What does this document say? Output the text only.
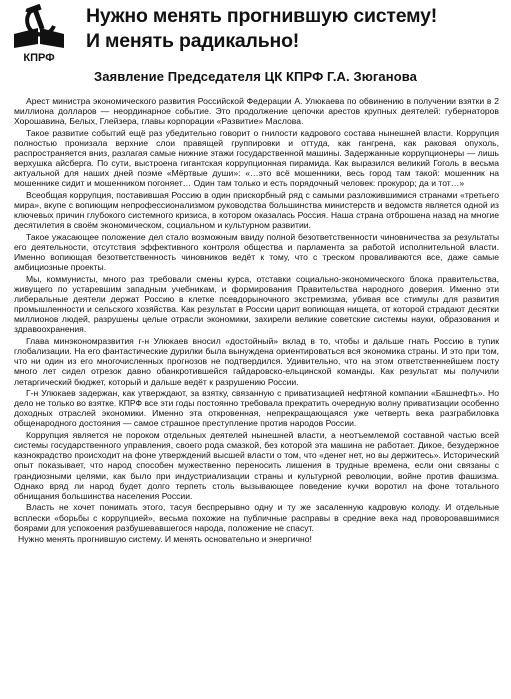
КПРФ
Нужно менять прогнившую систему!
И менять радикально!
Заявление Председателя ЦК КПРФ Г.А. Зюганова

Арест министра экономического развития Российской Федерации А. Улюкаева по обвинению в получении взятки в 2 миллиона долларов — неординарное событие. Это продолжение цепочки арестов крупных деятелей: губернаторов Хорошавина, Белых, Глейзера, главы корпорации «Развитие» Маслова.

Такое развитие событий ещё раз убедительно говорит о гнилости кадрового состава нынешней власти. Коррупция полностью пронизала верхние слои правящей группировки и оттуда, как гангрена, как раковая опухоль, распространяется вниз, разлагая самые нижние этажи государственной машины. Задержанные коррупционеры — лишь верхушка айсберга. По сути, выстроена гигантская коррупционная пирамида. Как выразился великий Гоголь в весьма актуальной для наших дней поэме «Мёртвые души»: «…это всё мошенники, весь город там такой: мошенник на мошеннике сидит и мошенником погоняет… Один там только и есть порядочный человек: прокурор; да и тот…»

Всеобщая коррупция, поставившая Россию в один прискорбный ряд с самыми разложившимися странами «третьего мира», вкупе с вопиющим непрофессионализмом руководства большинства министерств и ведомств является одной из ключевых причин глубокого системного кризиса, в котором оказалась Россия. Наша страна отброшена назад на многие десятилетия в своём экономическом, социальном и культурном развитии.

Такое ужасающее положение дел стало возможным ввиду полной безответственности чиновничества за результаты его деятельности, отсутствия эффективного контроля общества и парламента за работой исполнительной власти. Именно вопиющая безответственность чиновников ведёт к тому, что с треском проваливаются все, даже самые амбициозные проекты.

Мы, коммунисты, много раз требовали смены курса, отставки социально-экономического блока правительства, живущего по устаревшим западным учебникам, и формирования Правительства народного доверия. Именно эти либеральные деятели держат Россию в клетке псевдорыночного экстремизма, убивая все стимулы для развития промышленности и сельского хозяйства. Как результат в России царит вопиющая нищета, от которой страдают десятки миллионов людей, разрушены целые отрасли экономики, захирели великие советские системы науки, образования и здравоохранения.

Глава минэкономразвития г-н Улюкаев вносил «достойный» вклад в то, чтобы и дальше гнать Россию в тупик глобализации. На его фантастические дурилки была вынуждена ориентироваться вся экономика страны. И это при том, что ни один из его многочисленных прогнозов не подтвердился. Удивительно, что на этом ответственнейшем посту много лет сидел отрезок давно обанкротившейся гайдаровско-ельцинской команды. Как результат мы получили летаргический бюджет, который и дальше ведёт к разрушению России.

Г-н Улюкаев задержан, как утверждают, за взятку, связанную с приватизацией нефтяной компании «Башнефть». Но дело не только во взятке. КПРФ все эти годы постоянно требовала прекратить очередную волну приватизации особенно доходных отраслей экономики. Именно эта откровенная, непрекращающаяся уже четверть века разграбиловка общенародного достояния — самое страшное преступление против народов России.

Коррупция является не пороком отдельных деятелей нынешней власти, а неотъемлемой составной частью всей системы государственного управления, своего рода смазкой, без которой эта машина не работает. Дикое, безудержное казнокрадство происходит на фоне утверждений высшей власти о том, что «денег нет, но вы держитесь». Исторический опыт показывает, что народ способен мужественно переносить лишения в трудные времена, если они связаны с грандиозными целями, как было при индустриализации страны и культурной революции, войне против фашизма. Однако вряд ли народ будет долго терпеть столь вызывающее поведение кучки воротил на фоне тотального обнищания большинства населения России.

Власть не хочет понимать этого, тасуя беспрерывно одну и ту же засаленную кадровую колоду. И отдельные всплески «борьбы с коррупцией», весьма похожие на публичные расправы в средние века над проворовавшимися боярами для успокоения разбушевавшегося народа, положение не спасут.

Нужно менять прогнившую систему. И менять основательно и энергично!
